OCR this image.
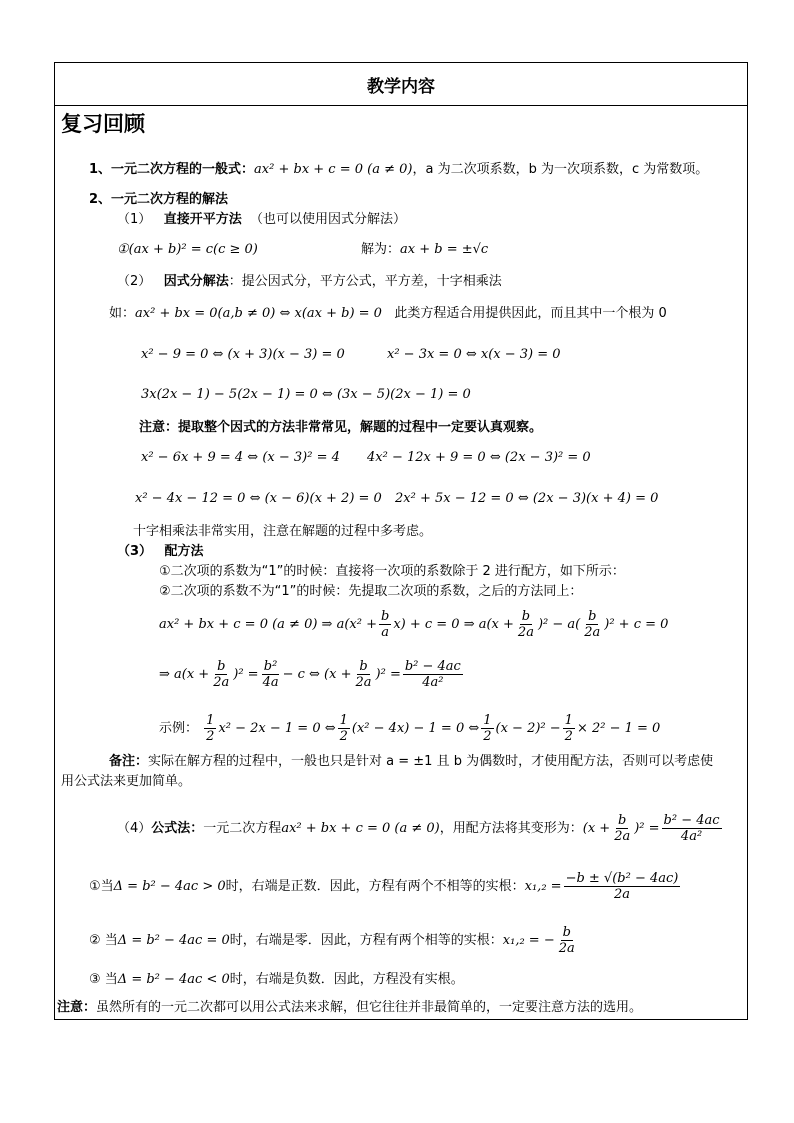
教学内容
复习回顾
1、一元二次方程的一般式：ax² + bx + c = 0 (a ≠ 0)，a 为二次项系数，b 为一次项系数，c 为常数项。
2、一元二次方程的解法
（1） 直接开平方法 （也可以使用因式分解法）
①(ax + b)² = c(c ≥ 0)	解为：ax + b = ±√c
（2） 因式分解法：提公因式分，平方公式，平方差，十字相乘法
如：ax² + bx = 0(a,b ≠ 0) ⇔ x(ax + b) = 0 此类方程适合用提供因此，而且其中一个根为 0
x² − 9 = 0 ⇔ (x + 3)(x − 3) = 0	x² − 3x = 0 ⇔ x(x − 3) = 0
3x(2x − 1) − 5(2x − 1) = 0 ⇔ (3x − 5)(2x − 1) = 0
注意：提取整个因式的方法非常常见，解题的过程中一定要认真观察。
x² − 6x + 9 = 4 ⇔ (x − 3)² = 4 4x² − 12x + 9 = 0 ⇔ (2x − 3)² = 0
x² − 4x − 12 = 0 ⇔ (x − 6)(x + 2) = 0 2x² + 5x − 12 = 0 ⇔ (2x − 3)(x + 4) = 0
十字相乘法非常实用，注意在解题的过程中多考虑。
（3） 配方法
①二次项的系数为“1”的时候：直接将一次项的系数除于 2 进行配方，如下所示：
②二次项的系数不为“1”的时候：先提取二次项的系数，之后的方法同上：
ax² + bx + c = 0 (a ≠ 0) ⇒ $a(x^2 + \frac{b}{a} x) + c = 0$ ⇒ $a(x + \frac{b}{2a} )^2 - a( \frac{b}{2a} )^2 + c = 0$
⇒ $a(x + \frac{b}{2a} )^2 = \frac{\text{b²}}{4a} - c$ ⇔ $(x + \frac{b}{2a} )^2 = \frac{\text{b² − 4ac}}{\text{4a²}}$
示例： $\frac{1}{2} x^2 - 2x - 1 = 0$ ⇔ $\frac{1}{2} (x^2 - 4x) - 1 = 0$ ⇔ $\frac{1}{2} (x - 2)^2 - \frac{1}{2} \times 2^2 - 1 = 0$
备注：实际在解方程的过程中，一般也只是针对 a = ±1 且 b 为偶数时，才使用配方法，否则可以考虑使
用公式法来更加简单。
（4）公式法：一元二次方程ax² + bx + c = 0 (a ≠ 0)，用配方法将其变形为：$(x + \frac{b}{2a} )^2 = \frac{\text{b² − 4ac}}{\text{4a²}}$
①当Δ = b² − 4ac > 0时，右端是正数．因此，方程有两个不相等的实根：$x_1,_2 = \frac{\text{−b ± √(b² − 4ac)}}{2a}$
② 当Δ = b² − 4ac = 0时，右端是零．因此，方程有两个相等的实根：x₁,₂ = − $\frac{b}{2a}$
③ 当Δ = b² − 4ac < 0时，右端是负数．因此，方程没有实根。
注意：虽然所有的一元二次都可以用公式法来求解，但它往往并非最简单的，一定要注意方法的选用。
